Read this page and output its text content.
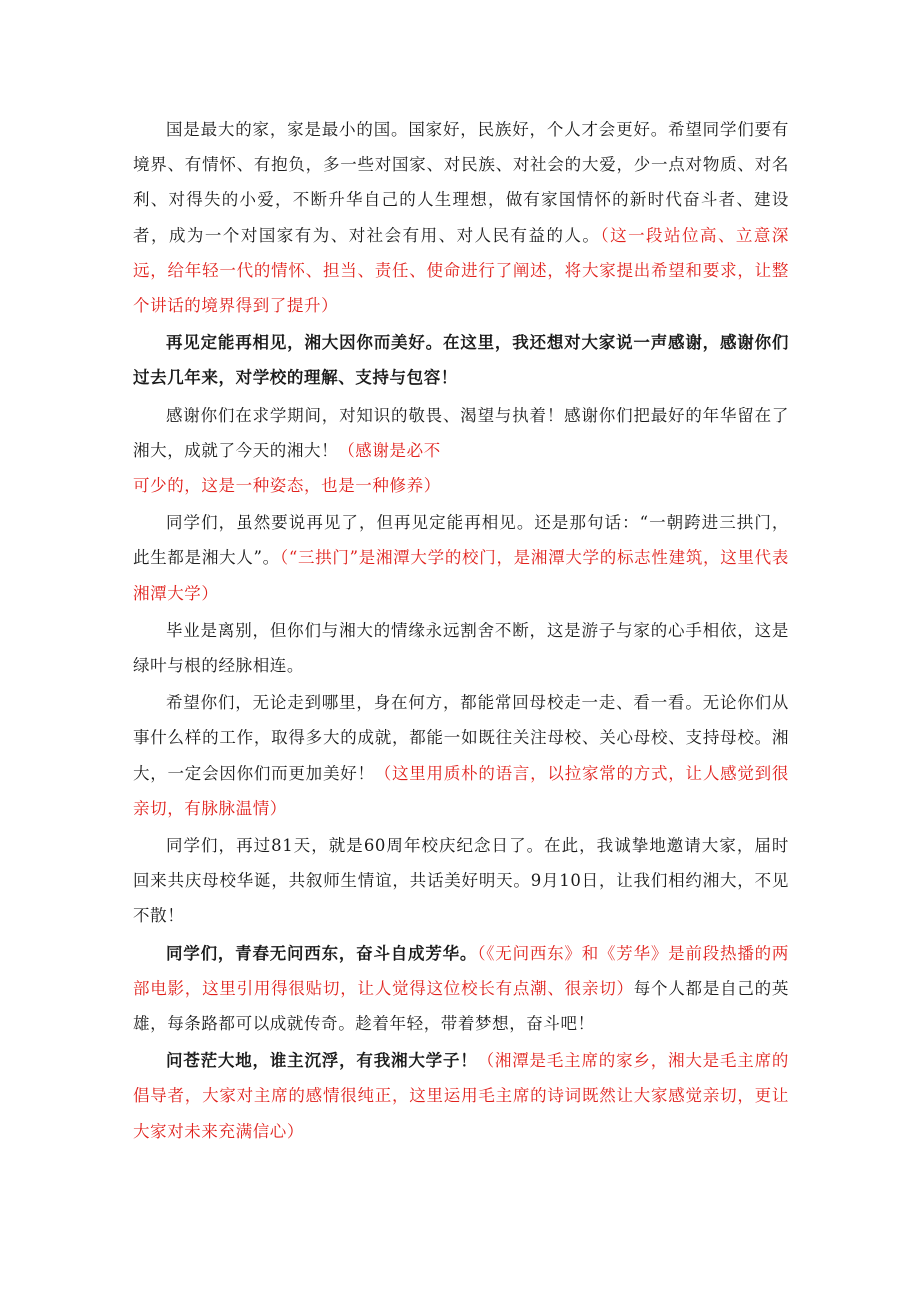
国是最大的家，家是最小的国。国家好，民族好，个人才会更好。希望同学们要有境界、有情怀、有抱负，多一些对国家、对民族、对社会的大爱，少一点对物质、对名利、对得失的小爱，不断升华自己的人生理想，做有家国情怀的新时代奋斗者、建设者，成为一个对国家有为、对社会有用、对人民有益的人。（这一段站位高、立意深远，给年轻一代的情怀、担当、责任、使命进行了阐述，将大家提出希望和要求，让整个讲话的境界得到了提升）

再见定能再相见，湘大因你而美好。在这里，我还想对大家说一声感谢，感谢你们过去几年来，对学校的理解、支持与包容！

感谢你们在求学期间，对知识的敬畏、渴望与执着！感谢你们把最好的年华留在了湘大，成就了今天的湘大！（感谢是必不

可少的，这是一种姿态，也是一种修养）

同学们，虽然要说再见了，但再见定能再相见。还是那句话：“一朝跨进三拱门，此生都是湘大人”。（“三拱门”是湘潭大学的校门，是湘潭大学的标志性建筑，这里代表湘潭大学）

毕业是离别，但你们与湘大的情缘永远割舍不断，这是游子与家的心手相依，这是绿叶与根的经脉相连。

希望你们，无论走到哪里，身在何方，都能常回母校走一走、看一看。无论你们从事什么样的工作，取得多大的成就，都能一如既往关注母校、关心母校、支持母校。湘大，一定会因你们而更加美好！（这里用质朴的语言，以拉家常的方式，让人感觉到很亲切，有脉脉温情）

同学们，再过81天，就是60周年校庆纪念日了。在此，我诚挚地邀请大家，届时回来共庆母校华诞，共叙师生情谊，共话美好明天。9月10日，让我们相约湘大，不见不散！

同学们，青春无问西东，奋斗自成芳华。（《无问西东》和《芳华》是前段热播的两部电影，这里引用得很贴切，让人觉得这位校长有点潮、很亲切）每个人都是自己的英雄，每条路都可以成就传奇。趁着年轻，带着梦想，奋斗吧！

问苍茫大地，谁主沉浮，有我湘大学子！（湘潭是毛主席的家乡，湘大是毛主席的倡导者，大家对主席的感情很纯正，这里运用毛主席的诗词既然让大家感觉亲切，更让大家对未来充满信心）
